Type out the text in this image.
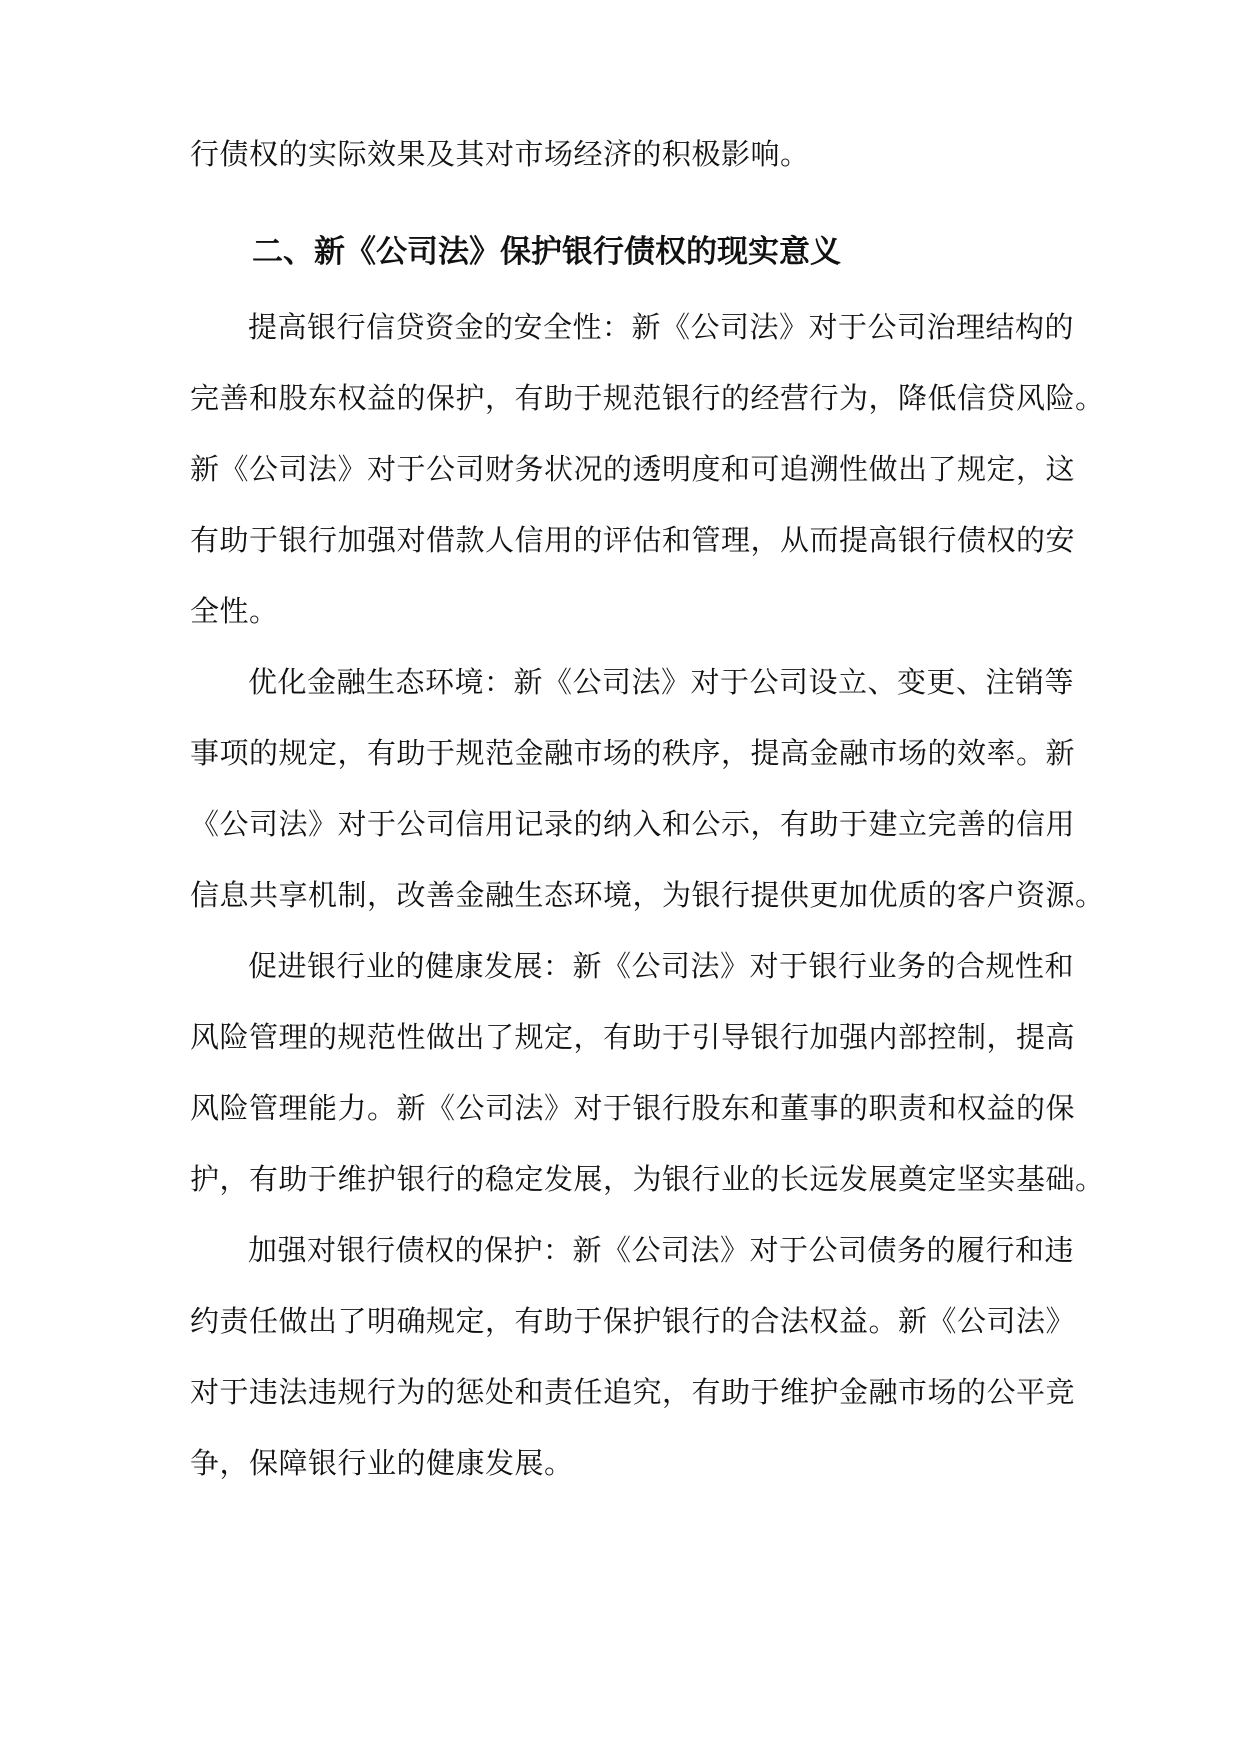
行债权的实际效果及其对市场经济的积极影响。
二、新《公司法》保护银行债权的现实意义
提高银行信贷资金的安全性：新《公司法》对于公司治理结构的
完善和股东权益的保护，有助于规范银行的经营行为，降低信贷风险。
新《公司法》对于公司财务状况的透明度和可追溯性做出了规定，这
有助于银行加强对借款人信用的评估和管理，从而提高银行债权的安
全性。
优化金融生态环境：新《公司法》对于公司设立、变更、注销等
事项的规定，有助于规范金融市场的秩序，提高金融市场的效率。新
《公司法》对于公司信用记录的纳入和公示，有助于建立完善的信用
信息共享机制，改善金融生态环境，为银行提供更加优质的客户资源。
促进银行业的健康发展：新《公司法》对于银行业务的合规性和
风险管理的规范性做出了规定，有助于引导银行加强内部控制，提高
风险管理能力。新《公司法》对于银行股东和董事的职责和权益的保
护，有助于维护银行的稳定发展，为银行业的长远发展奠定坚实基础。
加强对银行债权的保护：新《公司法》对于公司债务的履行和违
约责任做出了明确规定，有助于保护银行的合法权益。新《公司法》
对于违法违规行为的惩处和责任追究，有助于维护金融市场的公平竞
争，保障银行业的健康发展。
